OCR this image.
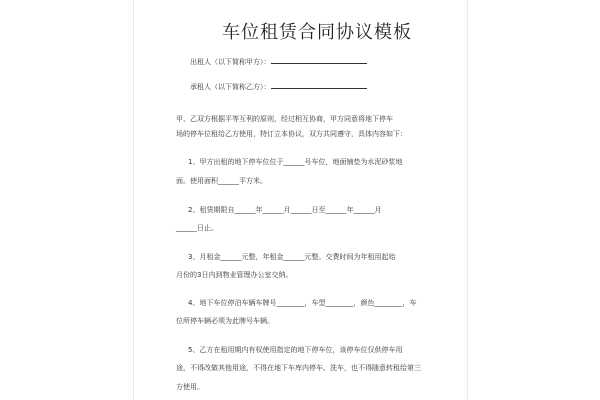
车位租赁合同协议模板
出租人（以下简称甲方）：
承租人（以下简称乙方）：
甲、乙双方根据平等互利的原则，经过相互协商，甲方同意将地下停车
场的停车位租给乙方使用，特订立本协议，双方共同遵守，具体内容如下：
1、甲方出租的地下停车位位于______号车位，地面铺垫为水泥砂浆地
面。使用面积______平方米。
2、租赁期限自______年______月______日至______年______月
______日止。
3、月租金______元整，年租金______元整。交费时间为年租用起始
月份的3日内到物业管理办公室交纳。
4、地下车位停泊车辆车牌号________，车型________，颜色________，车
位所停车辆必须为此牌号车辆。
5、乙方在租用期内有权使用指定的地下停车位，该停车位仅供停车用
途，不得改做其他用途，不得在地下车库内停车、洗车，也不得随意转租给第三
方使用。
